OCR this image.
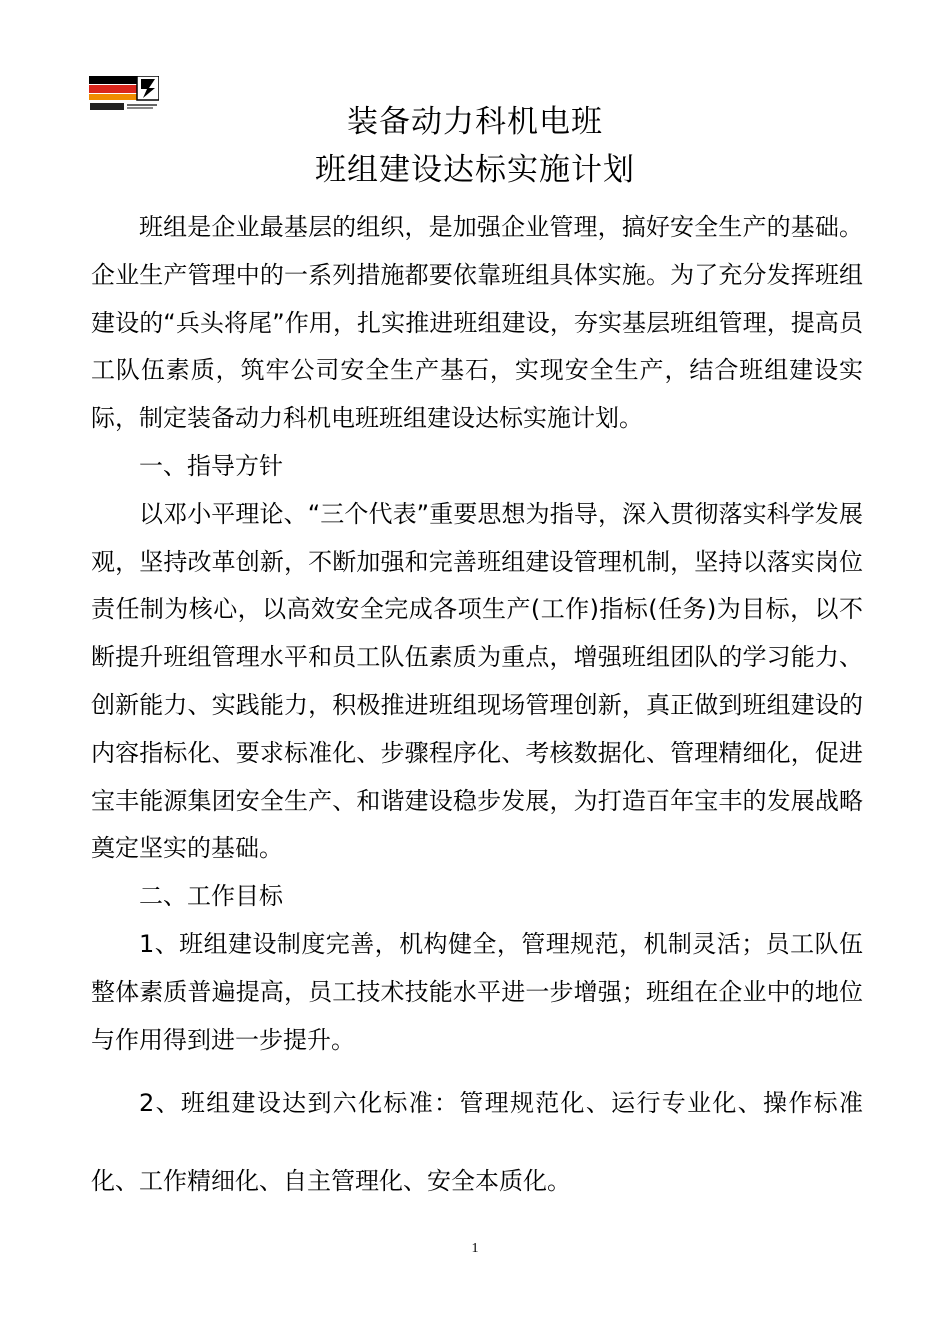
装备动力科机电班
班组建设达标实施计划

班组是企业最基层的组织，是加强企业管理，搞好安全生产的基础。企业生产管理中的一系列措施都要依靠班组具体实施。为了充分发挥班组建设的“兵头将尾”作用，扎实推进班组建设，夯实基层班组管理，提高员工队伍素质，筑牢公司安全生产基石，实现安全生产，结合班组建设实际，制定装备动力科机电班班组建设达标实施计划。

一、指导方针

以邓小平理论、“三个代表”重要思想为指导，深入贯彻落实科学发展观，坚持改革创新，不断加强和完善班组建设管理机制，坚持以落实岗位责任制为核心，以高效安全完成各项生产(工作)指标(任务)为目标，以不断提升班组管理水平和员工队伍素质为重点，增强班组团队的学习能力、创新能力、实践能力，积极推进班组现场管理创新，真正做到班组建设的内容指标化、要求标准化、步骤程序化、考核数据化、管理精细化，促进宝丰能源集团安全生产、和谐建设稳步发展，为打造百年宝丰的发展战略奠定坚实的基础。

二、工作目标

1、班组建设制度完善，机构健全，管理规范，机制灵活；员工队伍整体素质普遍提高，员工技术技能水平进一步增强；班组在企业中的地位与作用得到进一步提升。

2、班组建设达到六化标准：管理规范化、运行专业化、操作标准化、工作精细化、自主管理化、安全本质化。

1
